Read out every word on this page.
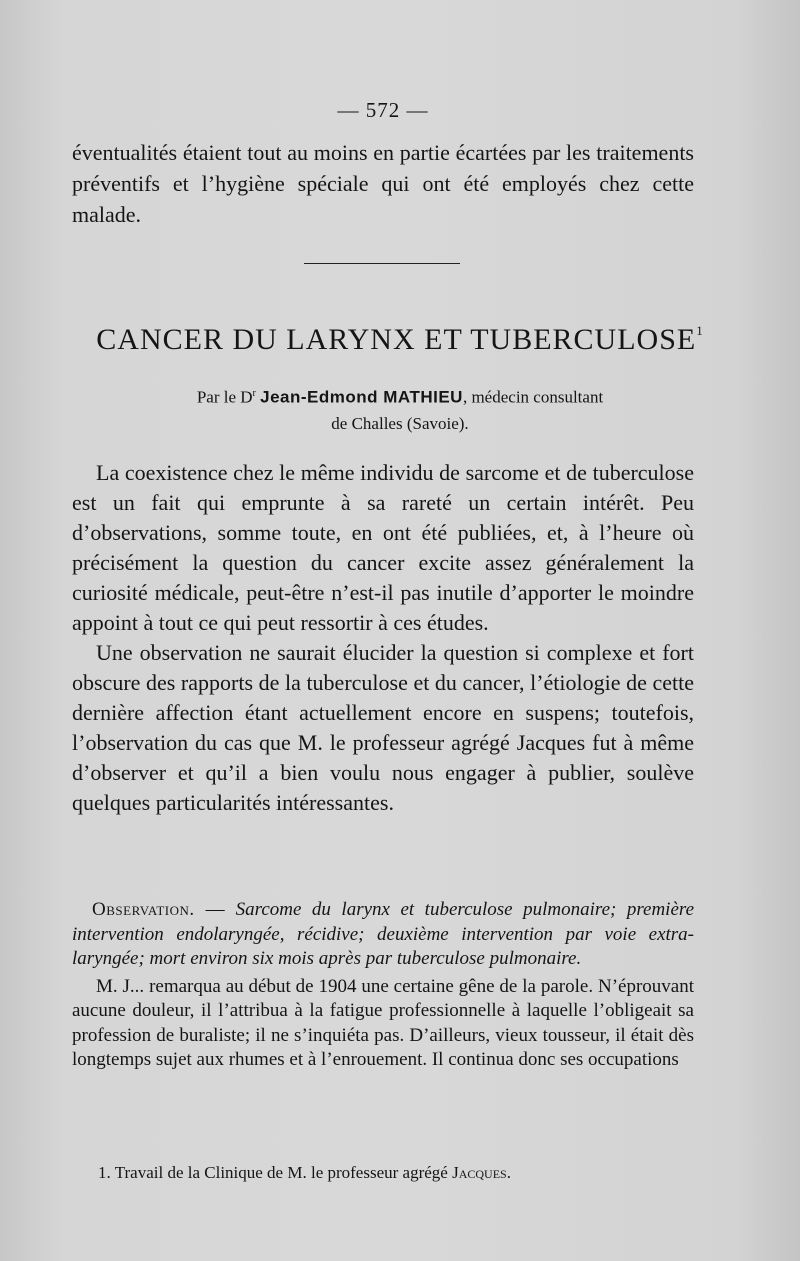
— 572 —
éventualités étaient tout au moins en partie écartées par les traitements préventifs et l’hygiène spéciale qui ont été employés chez cette malade.
CANCER DU LARYNX ET TUBERCULOSE$^1$
Par le $D^r$ Jean-Edmond MATHIEU, médecin consultant
de Challes (Savoie).

La coexistence chez le même individu de sarcome et de tuberculose est un fait qui emprunte à sa rareté un certain intérêt. Peu d’observations, somme toute, en ont été publiées, et, à l’heure où précisément la question du cancer excite assez généralement la curiosité médicale, peut-être n’est-il pas inutile d’apporter le moindre appoint à tout ce qui peut ressortir à ces études.

Une observation ne saurait élucider la question si complexe et fort obscure des rapports de la tuberculose et du cancer, l’étiologie de cette dernière affection étant actuellement encore en suspens; toutefois, l’observation du cas que M. le professeur agrégé Jacques fut à même d’observer et qu’il a bien voulu nous engager à publier, soulève quelques particularités intéressantes.

Observation. — Sarcome du larynx et tuberculose pulmonaire; première intervention endolaryngée, récidive; deuxième intervention par voie extra-laryngée; mort environ six mois après par tuberculose pulmonaire.

M. J... remarqua au début de 1904 une certaine gêne de la parole. N’éprouvant aucune douleur, il l’attribua à la fatigue professionnelle à laquelle l’obligeait sa profession de buraliste; il ne s’inquiéta pas. D’ailleurs, vieux tousseur, il était dès longtemps sujet aux rhumes et à l’enrouement. Il continua donc ses occupations

1. Travail de la Clinique de M. le professeur agrégé Jacques.
